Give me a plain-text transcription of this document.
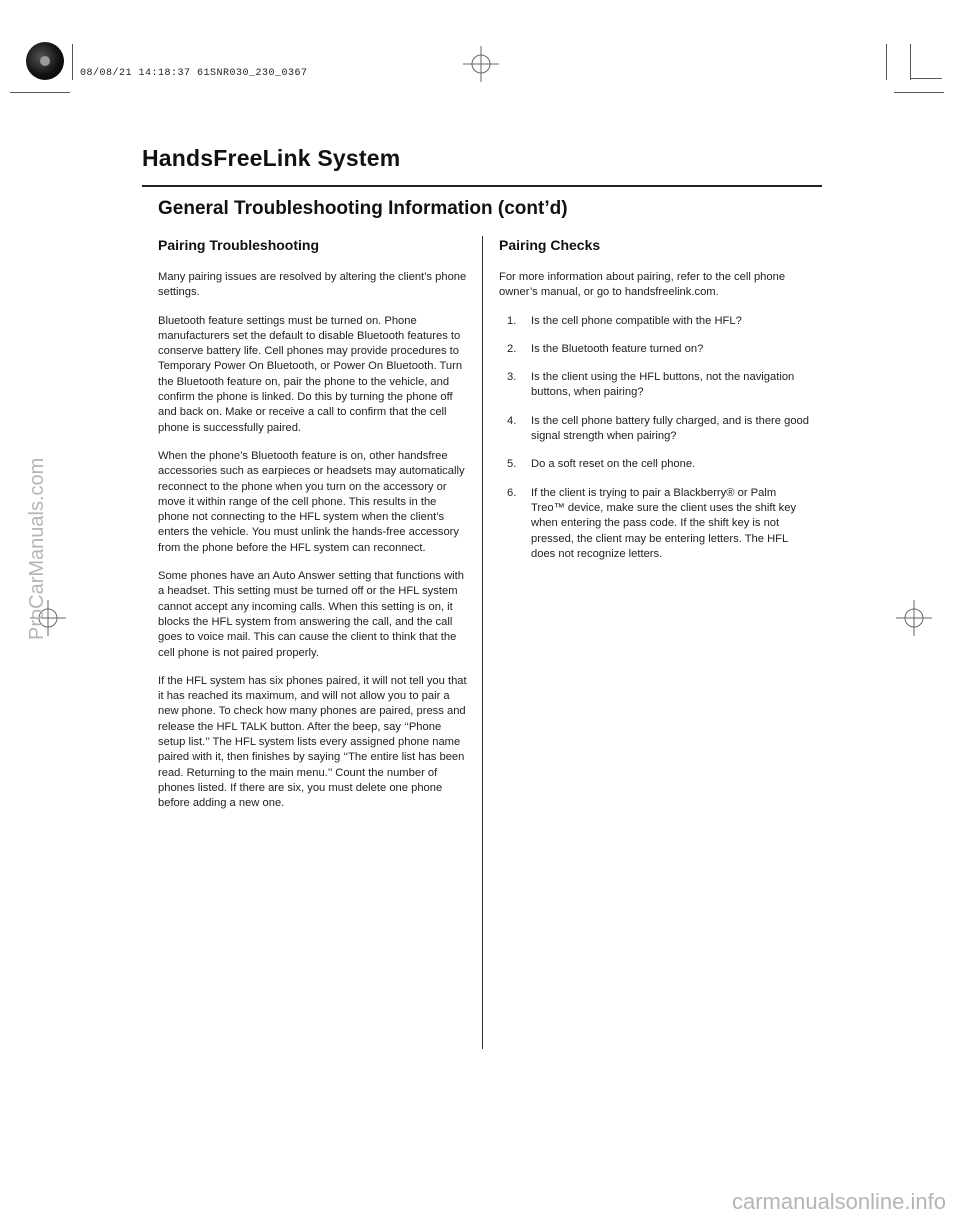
08/08/21 14:18:37 61SNR030_230_0367
HandsFreeLink System
General Troubleshooting Information (cont’d)
Pairing Troubleshooting

Many pairing issues are resolved by altering the client’s phone settings.

Bluetooth feature settings must be turned on. Phone manufacturers set the default to disable Bluetooth features to conserve battery life. Cell phones may provide procedures to Temporary Power On Bluetooth, or Power On Bluetooth. Turn the Bluetooth feature on, pair the phone to the vehicle, and confirm the phone is linked. Do this by turning the phone off and back on. Make or receive a call to confirm that the cell phone is successfully paired.

When the phone’s Bluetooth feature is on, other handsfree accessories such as earpieces or headsets may automatically reconnect to the phone when you turn on the accessory or move it within range of the cell phone. This results in the phone not connecting to the HFL system when the client’s enters the vehicle. You must unlink the hands-free accessory from the phone before the HFL system can reconnect.

Some phones have an Auto Answer setting that functions with a headset. This setting must be turned off or the HFL system cannot accept any incoming calls. When this setting is on, it blocks the HFL system from answering the call, and the call goes to voice mail. This can cause the client to think that the cell phone is not paired properly.

If the HFL system has six phones paired, it will not tell you that it has reached its maximum, and will not allow you to pair a new phone. To check how many phones are paired, press and release the HFL TALK button. After the beep, say ‘‘Phone setup list.’’ The HFL system lists every assigned phone name paired with it, then finishes by saying ‘‘The entire list has been read. Returning to the main menu.’’ Count the number of phones listed. If there are six, you must delete one phone before adding a new one.

Pairing Checks

For more information about pairing, refer to the cell phone owner’s manual, or go to handsfreelink.com.

1.	Is the cell phone compatible with the HFL?
2.	Is the Bluetooth feature turned on?
3.	Is the client using the HFL buttons, not the navigation buttons, when pairing?
4.	Is the cell phone battery fully charged, and is there good signal strength when pairing?
5.	Do a soft reset on the cell phone.
6.	If the client is trying to pair a Blackberry® or Palm Treo™ device, make sure the client uses the shift key when entering the pass code. If the shift key is not pressed, the client may be entering letters. The HFL does not recognize letters.
ProCarManuals.com
carmanualsonline.info
